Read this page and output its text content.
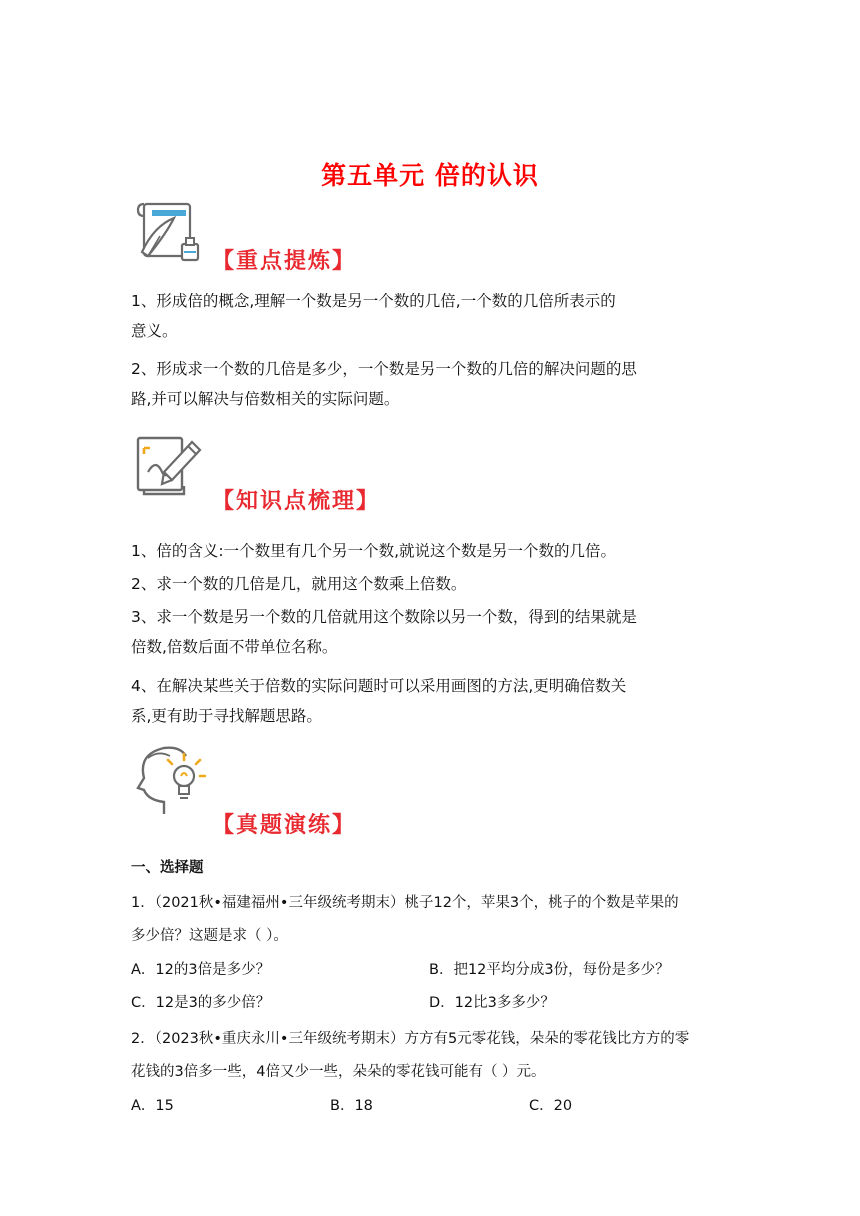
第五单元 倍的认识
【重点提炼】

1、形成倍的概念,理解一个数是另一个数的几倍,一个数的几倍所表示的

意义。

2、形成求一个数的几倍是多少，一个数是另一个数的几倍的解决问题的思

路,并可以解决与倍数相关的实际问题。

【知识点梳理】

1、倍的含义:一个数里有几个另一个数,就说这个数是另一个数的几倍。

2、求一个数的几倍是几，就用这个数乘上倍数。

3、求一个数是另一个数的几倍就用这个数除以另一个数，得到的结果就是

倍数,倍数后面不带单位名称。

4、在解决某些关于倍数的实际问题时可以采用画图的方法,更明确倍数关

系,更有助于寻找解题思路。

【真题演练】
一、选择题

1．（2021秋•福建福州•三年级统考期末）桃子12个，苹果3个，桃子的个数是苹果的

多少倍？这题是求（ ）。

A．12的3倍是多少？	B．把12平均分成3份，每份是多少？
C．12是3的多少倍？	D．12比3多多少？

2．（2023秋•重庆永川•三年级统考期末）方方有5元零花钱，朵朵的零花钱比方方的零

花钱的3倍多一些，4倍又少一些，朵朵的零花钱可能有（ ）元。

A．15	B．18	C．20
